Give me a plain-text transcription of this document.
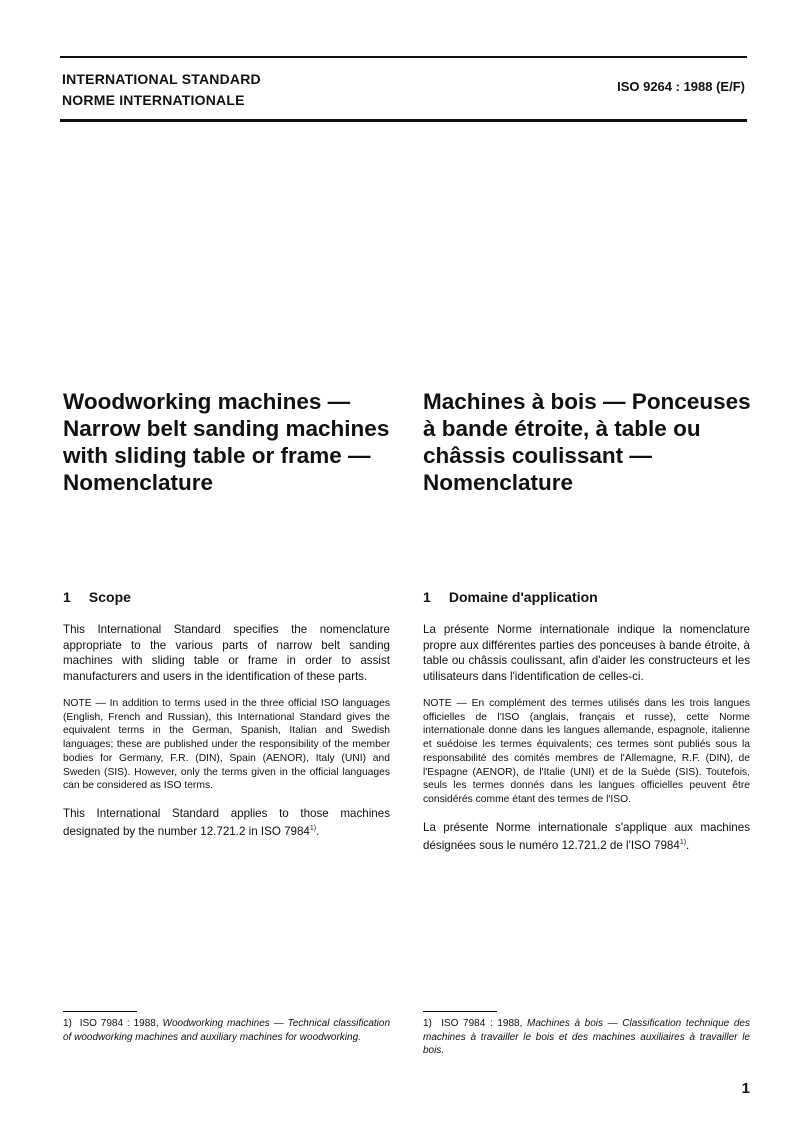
INTERNATIONAL STANDARD
NORME INTERNATIONALE
ISO 9264 : 1988 (E/F)
Woodworking machines — Narrow belt sanding machines with sliding table or frame — Nomenclature
Machines à bois — Ponceuses à bande étroite, à table ou châssis coulissant — Nomenclature
1 Scope

This International Standard specifies the nomenclature appropriate to the various parts of narrow belt sanding machines with sliding table or frame in order to assist manufacturers and users in the identification of these parts.

NOTE — In addition to terms used in the three official ISO languages (English, French and Russian), this International Standard gives the equivalent terms in the German, Spanish, Italian and Swedish languages; these are published under the responsibility of the member bodies for Germany, F.R. (DIN), Spain (AENOR), Italy (UNI) and Sweden (SIS). However, only the terms given in the official languages can be considered as ISO terms.

This International Standard applies to those machines designated by the number 12.721.2 in ISO 7984$^{1)}$.

1 Domaine d'application

La présente Norme internationale indique la nomenclature propre aux différentes parties des ponceuses à bande étroite, à table ou châssis coulissant, afin d'aider les constructeurs et les utilisateurs dans l'identification de celles-ci.

NOTE — En complément des termes utilisés dans les trois langues officielles de l'ISO (anglais, français et russe), cette Norme internationale donne dans les langues allemande, espagnole, italienne et suédoise les termes équivalents; ces termes sont publiés sous la responsabilité des comités membres de l'Allemagne, R.F. (DIN), de l'Espagne (AENOR), de l'Italie (UNI) et de la Suède (SIS). Toutefois, seuls les termes donnés dans les langues officielles peuvent être considérés comme étant des termes de l'ISO.

La présente Norme internationale s'applique aux machines désignées sous le numéro 12.721.2 de l'ISO 7984$^{1)}$.

1) ISO 7984 : 1988, Woodworking machines — Technical classification of woodworking machines and auxiliary machines for woodworking.
1) ISO 7984 : 1988, Machines à bois — Classification technique des machines à travailler le bois et des machines auxiliaires à travailler le bois.
1
